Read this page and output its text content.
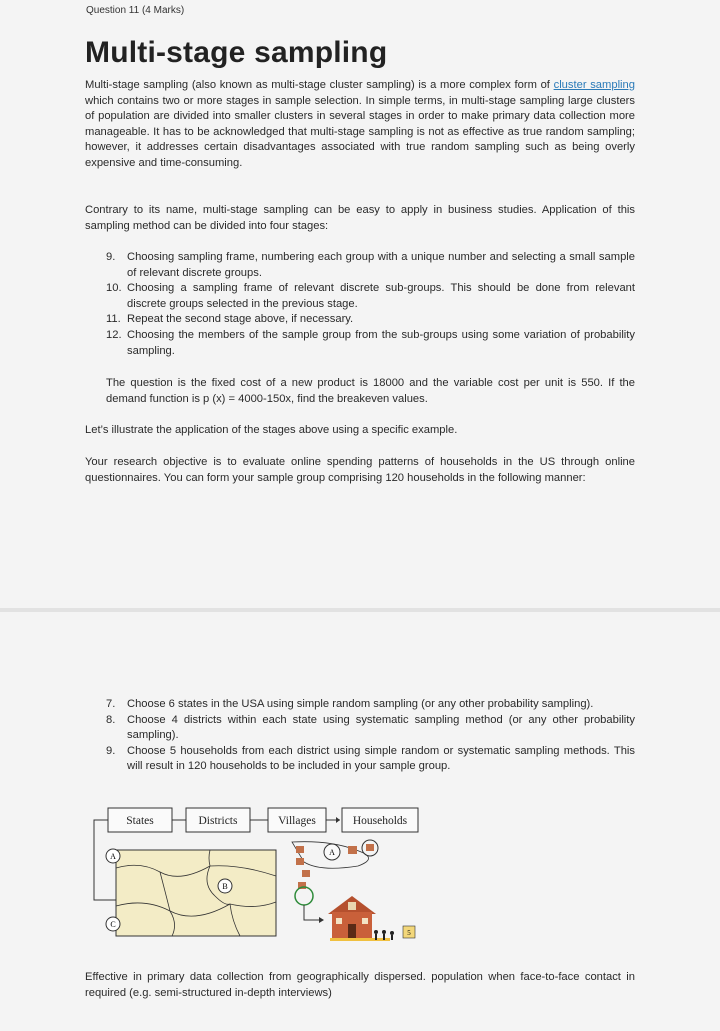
Question 11 (4 Marks)
Multi-stage sampling

Multi-stage sampling (also known as multi-stage cluster sampling) is a more complex form of cluster sampling which contains two or more stages in sample selection. In simple terms, in multi-stage sampling large clusters of population are divided into smaller clusters in several stages in order to make primary data collection more manageable. It has to be acknowledged that multi-stage sampling is not as effective as true random sampling; however, it addresses certain disadvantages associated with true random sampling such as being overly expensive and time-consuming.

Contrary to its name, multi-stage sampling can be easy to apply in business studies. Application of this sampling method can be divided into four stages:

9. Choosing sampling frame, numbering each group with a unique number and selecting a small sample of relevant discrete groups.
10. Choosing a sampling frame of relevant discrete sub-groups. This should be done from relevant discrete groups selected in the previous stage.
11. Repeat the second stage above, if necessary.
12. Choosing the members of the sample group from the sub-groups using some variation of probability sampling.

The question is the fixed cost of a new product is 18000 and the variable cost per unit is 550. If the demand function is p (x) = 4000-150x, find the breakeven values.

Let’s illustrate the application of the stages above using a specific example.

Your research objective is to evaluate online spending patterns of households in the US through online questionnaires. You can form your sample group comprising 120 households in the following manner:

7. Choose 6 states in the USA using simple random sampling (or any other probability sampling).
8. Choose 4 districts within each state using systematic sampling method (or any other probability sampling).
9. Choose 5 households from each district using simple random or systematic sampling methods. This will result in 120 households to be included in your sample group.
States	Districts	Villages	Households
A
B
C
A
5

Effective in primary data collection from geographically dispersed. population when face-to-face contact in required (e.g. semi-structured in-depth interviews)
